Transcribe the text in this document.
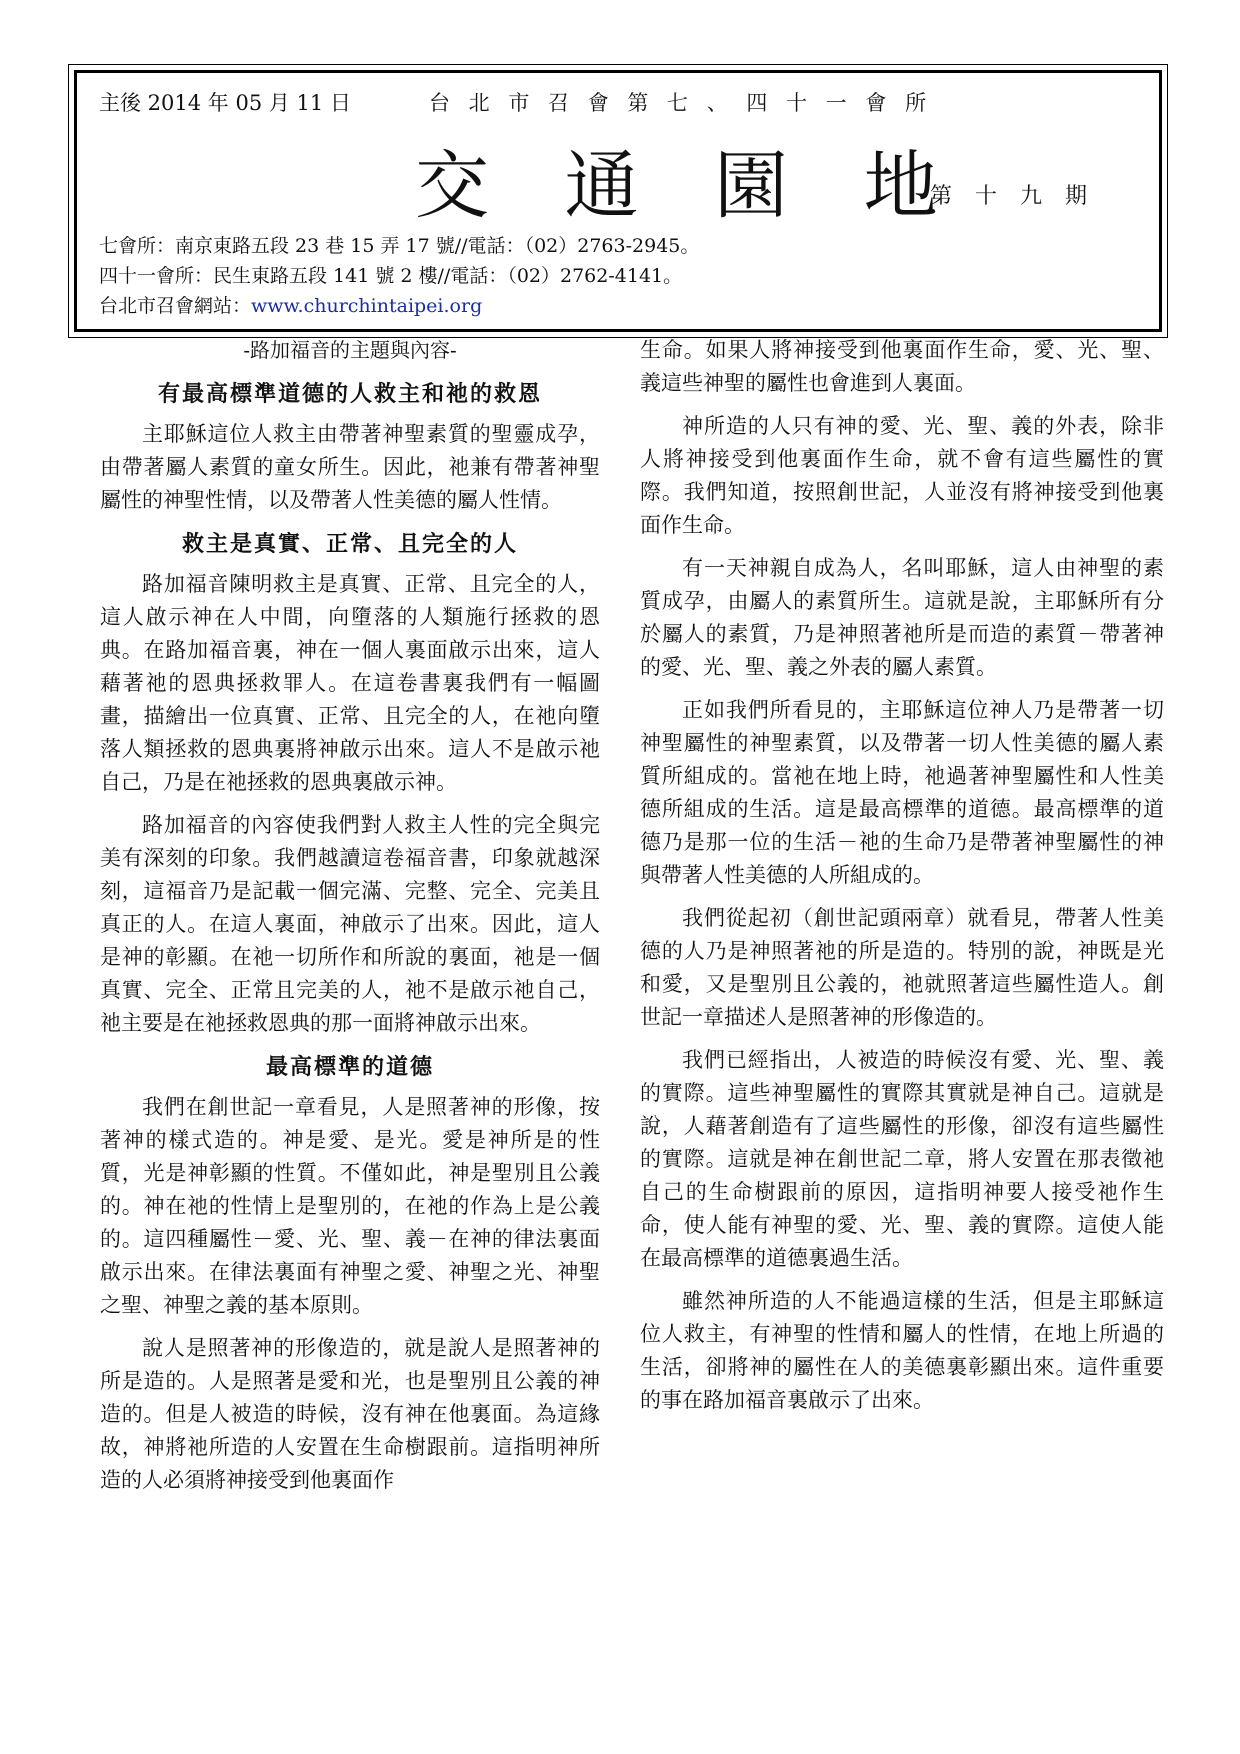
主後 2014 年 05 月 11 日	台 北 市 召 會 第 七 、 四 十 一 會 所
交 通 園 地
第 十 九 期
七會所：南京東路五段 23 巷 15 弄 17 號//電話：（02）2763-2945。
四十一會所：民生東路五段 141 號 2 樓//電話：（02）2762-4141。
台北市召會網站：www.churchintaipei.org
-路加福音的主題與內容-
有最高標準道德的人救主和祂的救恩

主耶穌這位人救主由帶著神聖素質的聖靈成孕，由帶著屬人素質的童女所生。因此，祂兼有帶著神聖屬性的神聖性情，以及帶著人性美德的屬人性情。

救主是真實、正常、且完全的人

路加福音陳明救主是真實、正常、且完全的人，這人啟示神在人中間，向墮落的人類施行拯救的恩典。在路加福音裏，神在一個人裏面啟示出來，這人藉著祂的恩典拯救罪人。在這卷書裏我們有一幅圖畫，描繪出一位真實、正常、且完全的人，在祂向墮落人類拯救的恩典裏將神啟示出來。這人不是啟示祂自己，乃是在祂拯救的恩典裏啟示神。

路加福音的內容使我們對人救主人性的完全與完美有深刻的印象。我們越讀這卷福音書，印象就越深刻，這福音乃是記載一個完滿、完整、完全、完美且真正的人。在這人裏面，神啟示了出來。因此，這人是神的彰顯。在祂一切所作和所說的裏面，祂是一個真實、完全、正常且完美的人，祂不是啟示祂自己，祂主要是在祂拯救恩典的那一面將神啟示出來。

最高標準的道德

我們在創世記一章看見，人是照著神的形像，按著神的樣式造的。神是愛、是光。愛是神所是的性質，光是神彰顯的性質。不僅如此，神是聖別且公義的。神在祂的性情上是聖別的，在祂的作為上是公義的。這四種屬性－愛、光、聖、義－在神的律法裏面啟示出來。在律法裏面有神聖之愛、神聖之光、神聖之聖、神聖之義的基本原則。

說人是照著神的形像造的，就是說人是照著神的所是造的。人是照著是愛和光，也是聖別且公義的神造的。但是人被造的時候，沒有神在他裏面。為這緣故，神將祂所造的人安置在生命樹跟前。這指明神所造的人必須將神接受到他裏面作

生命。如果人將神接受到他裏面作生命，愛、光、聖、義這些神聖的屬性也會進到人裏面。

神所造的人只有神的愛、光、聖、義的外表，除非人將神接受到他裏面作生命，就不會有這些屬性的實際。我們知道，按照創世記，人並沒有將神接受到他裏面作生命。

有一天神親自成為人，名叫耶穌，這人由神聖的素質成孕，由屬人的素質所生。這就是說，主耶穌所有分於屬人的素質，乃是神照著祂所是而造的素質－帶著神的愛、光、聖、義之外表的屬人素質。

正如我們所看見的，主耶穌這位神人乃是帶著一切神聖屬性的神聖素質，以及帶著一切人性美德的屬人素質所組成的。當祂在地上時，祂過著神聖屬性和人性美德所組成的生活。這是最高標準的道德。最高標準的道德乃是那一位的生活－祂的生命乃是帶著神聖屬性的神與帶著人性美德的人所組成的。

我們從起初（創世記頭兩章）就看見，帶著人性美德的人乃是神照著祂的所是造的。特別的說，神既是光和愛，又是聖別且公義的，祂就照著這些屬性造人。創世記一章描述人是照著神的形像造的。

我們已經指出，人被造的時候沒有愛、光、聖、義的實際。這些神聖屬性的實際其實就是神自己。這就是說，人藉著創造有了這些屬性的形像，卻沒有這些屬性的實際。這就是神在創世記二章，將人安置在那表徵祂自己的生命樹跟前的原因，這指明神要人接受祂作生命，使人能有神聖的愛、光、聖、義的實際。這使人能在最高標準的道德裏過生活。

雖然神所造的人不能過這樣的生活，但是主耶穌這位人救主，有神聖的性情和屬人的性情，在地上所過的生活，卻將神的屬性在人的美德裏彰顯出來。這件重要的事在路加福音裏啟示了出來。
